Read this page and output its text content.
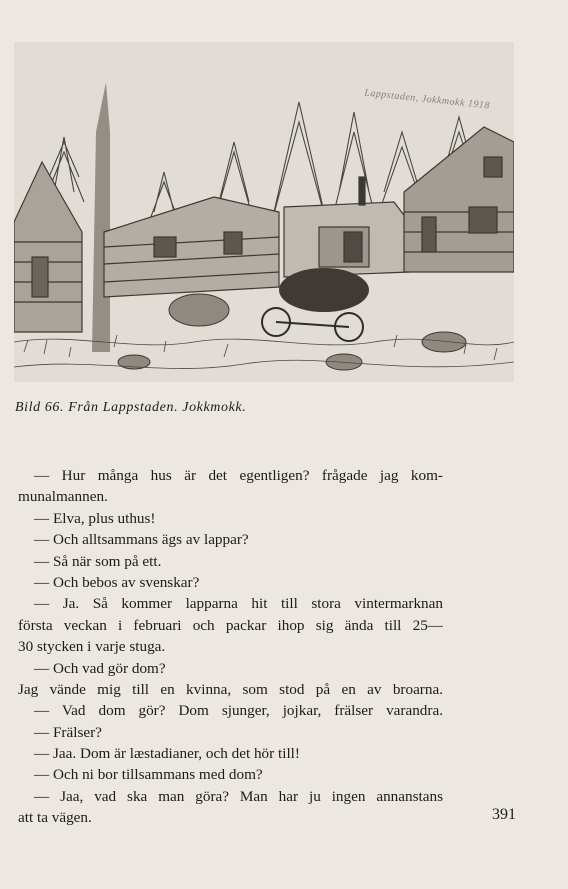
Lappstaden, Jokkmokk 1918
Bild 66. Från Lappstaden. Jokkmokk.
— Hur många hus är det egentligen? frågade jag kom-
munalmannen.
— Elva, plus uthus!
— Och alltsammans ägs av lappar?
— Så när som på ett.
— Och bebos av svenskar?
— Ja. Så kommer lapparna hit till stora vintermarknan
första veckan i februari och packar ihop sig ända till 25—
30 stycken i varje stuga.
— Och vad gör dom?
Jag vände mig till en kvinna, som stod på en av broarna.
— Vad dom gör? Dom sjunger, jojkar, frälser varandra.
— Frälser?
— Jaa. Dom är læstadianer, och det hör till!
— Och ni bor tillsammans med dom?
— Jaa, vad ska man göra? Man har ju ingen annanstans
att ta vägen.	391
